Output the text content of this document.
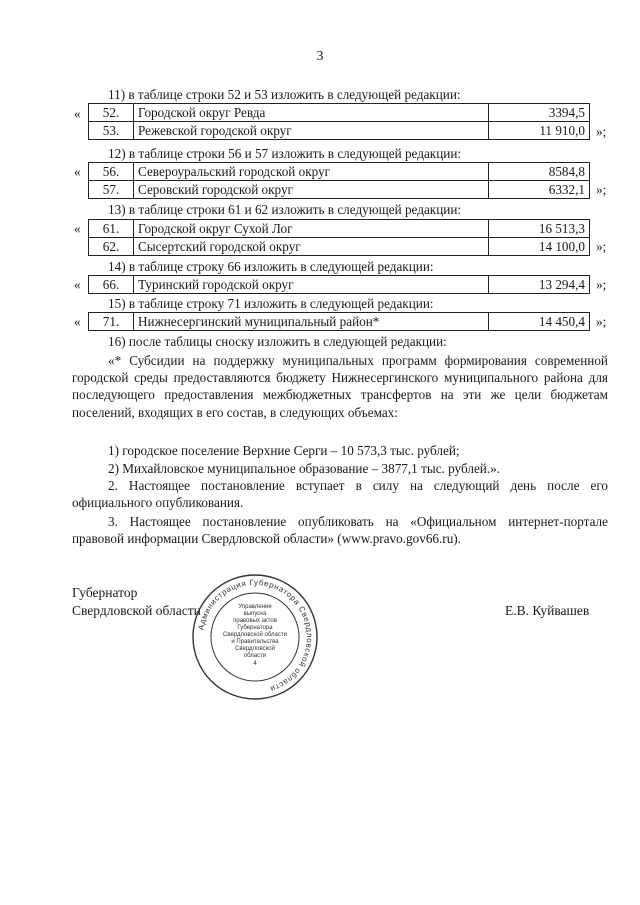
3
11) в таблице строки 52 и 53 изложить в следующей редакции:
« 52.	Городской округ Ревда	3394,5
53.	Режевской городской округ	11 910,0 »;
12) в таблице строки 56 и 57 изложить в следующей редакции:
« 56.	Североуральский городской округ	8584,8
57.	Серовский городской округ	6332,1 »;
13) в таблице строки 61 и 62 изложить в следующей редакции:
« 61.	Городской округ Сухой Лог	16 513,3
62.	Сысертский городской округ	14 100,0 »;
14) в таблице строку 66 изложить в следующей редакции:
« 66.	Туринский городской округ	13 294,4 »;
15) в таблице строку 71 изложить в следующей редакции:
« 71.	Нижнесергинский муниципальный район*	14 450,4 »;
16) после таблицы сноску изложить в следующей редакции:
«* Субсидии на поддержку муниципальных программ формирования современной городской среды предоставляются бюджету Нижнесергинского муниципального района для последующего предоставления межбюджетных трансфертов на эти же цели бюджетам поселений, входящих в его состав, в следующих объемах:
1) городское поселение Верхние Серги – 10 573,3 тыс. рублей;
2) Михайловское муниципальное образование – 3877,1 тыс. рублей.».
2. Настоящее постановление вступает в силу на следующий день после его официального опубликования.
3. Настоящее постановление опубликовать на «Официальном интернет-портале правовой информации Свердловской области» (www.pravo.gov66.ru).
Губернатор
Свердловской области	Е.В. Куйвашев
Администрация Губернатора Свердловской области
Управление
выпуска
правовых актов
Губернатора
Свердловской области
и Правительства
Свердловской
области
4
